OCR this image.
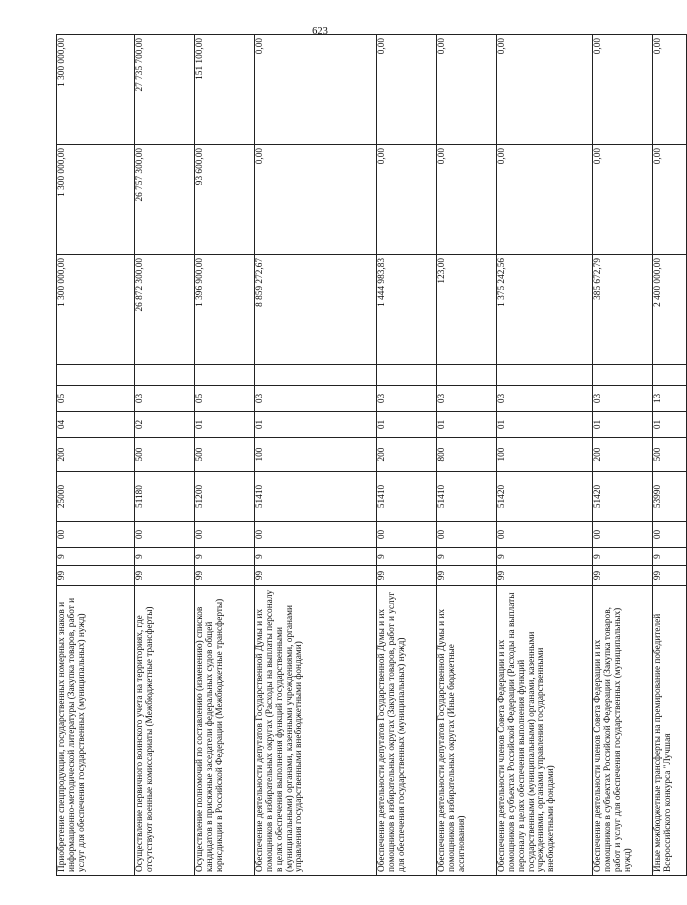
623
Приобретение спецпродукции, государственных номерных знаков и информационно-методической литературы (Закупка товаров, работ и услуг для обеспечения государственных (муниципальных) нужд)	99	9	00	25000	200	04	05		1 300 000,00	1 300 000,00	1 300 000,00
Осуществление первичного воинского учета на территориях, где отсутствуют военные комиссариаты (Межбюджетные трансферты)	99	9	00	51180	500	02	03		26 872 300,00	26 757 300,00	27 735 700,00
Осуществление полномочий по составлению (изменению) списков кандидатов в присяжные заседатели федеральных судов общей юрисдикции в Российской Федерации (Межбюджетные трансферты)	99	9	00	51200	500	01	05		1 396 900,00	93 600,00	151 100,00
Обеспечение деятельности депутатов Государственной Думы и их помощников в избирательных округах (Расходы на выплаты персоналу в целях обеспечения выполнения функций государственными (муниципальными) органами, казенными учреждениями, органами управления государственными внебюджетными фондами)	99	9	00	51410	100	01	03		8 859 272,67	0,00	0,00
Обеспечение деятельности депутатов Государственной Думы и их помощников в избирательных округах (Закупка товаров, работ и услуг для обеспечения государственных (муниципальных) нужд)	99	9	00	51410	200	01	03		1 444 983,83	0,00	0,00
Обеспечение деятельности депутатов Государственной Думы и их помощников в избирательных округах (Иные бюджетные ассигнования)	99	9	00	51410	800	01	03		123,00	0,00	0,00
Обеспечение деятельности членов Совета Федерации и их помощников в субъектах Российской Федерации (Расходы на выплаты персоналу в целях обеспечения выполнения функций государственными (муниципальными) органами, казенными учреждениями, органами управления государственными внебюджетными фондами)	99	9	00	51420	100	01	03		1 375 242,56	0,00	0,00
Обеспечение деятельности членов Совета Федерации и их помощников в субъектах Российской Федерации (Закупка товаров, работ и услуг для обеспечения государственных (муниципальных) нужд)	99	9	00	51420	200	01	03		385 672,79	0,00	0,00
Иные межбюджетные трансферты на премирование победителей Всероссийского конкурса "Лучшая	99	9	00	53990	500	01	13		2 400 000,00	0,00	0,00
